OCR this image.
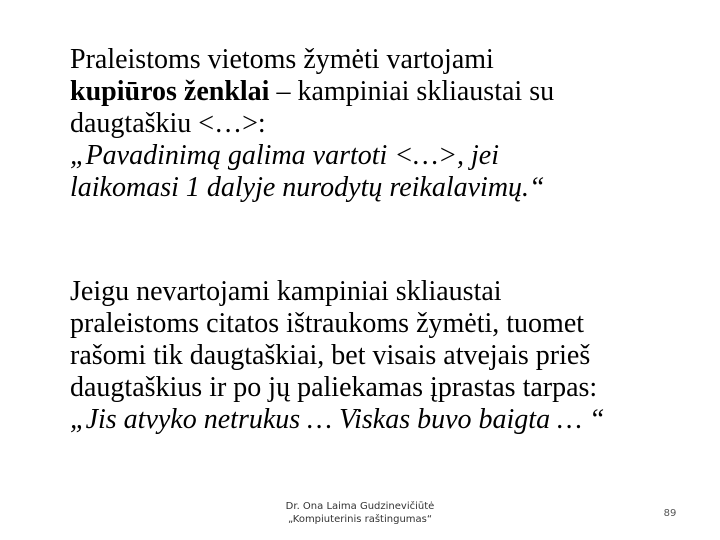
Praleistoms vietoms žymėti vartojami
kupiūros ženklai – kampiniai skliaustai su
daugtaškiu <…>:
„Pavadinimą galima vartoti <…>, jei
laikomasi 1 dalyje nurodytų reikalavimų.“
Jeigu nevartojami kampiniai skliaustai
praleistoms citatos ištraukoms žymėti, tuomet
rašomi tik daugtaškiai, bet visais atvejais prieš
daugtaškius ir po jų paliekamas įprastas tarpas:
„Jis atvyko netrukus … Viskas buvo baigta … “
Dr. Ona Laima Gudzinevičiūtė
„Kompiuterinis raštingumas“
89
